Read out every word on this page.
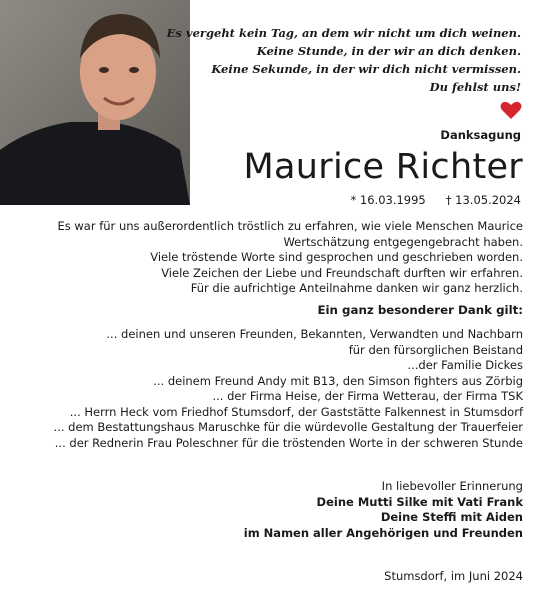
Es vergeht kein Tag, an dem wir nicht um dich weinen.
Keine Stunde, in der wir an dich denken.
Keine Sekunde, in der wir dich nicht vermissen.
Du fehlst uns!
Danksagung
Maurice Richter
* 16.03.1995 † 13.05.2024
Es war für uns außerordentlich tröstlich zu erfahren, wie viele Menschen Maurice
Wertschätzung entgegengebracht haben.
Viele tröstende Worte sind gesprochen und geschrieben worden.
Viele Zeichen der Liebe und Freundschaft durften wir erfahren.
Für die aufrichtige Anteilnahme danken wir ganz herzlich.
Ein ganz besonderer Dank gilt:
... deinen und unseren Freunden, Bekannten, Verwandten und Nachbarn
für den fürsorglichen Beistand
...der Familie Dickes
... deinem Freund Andy mit B13, den Simson fighters aus Zörbig
... der Firma Heise, der Firma Wetterau, der Firma TSK
... Herrn Heck vom Friedhof Stumsdorf, der Gaststätte Falkennest in Stumsdorf
... dem Bestattungshaus Maruschke für die würdevolle Gestaltung der Trauerfeier
... der Rednerin Frau Poleschner für die tröstenden Worte in der schweren Stunde
In liebevoller Erinnerung
Deine Mutti Silke mit Vati Frank
Deine Steffi mit Aiden
im Namen aller Angehörigen und Freunden
Stumsdorf, im Juni 2024
